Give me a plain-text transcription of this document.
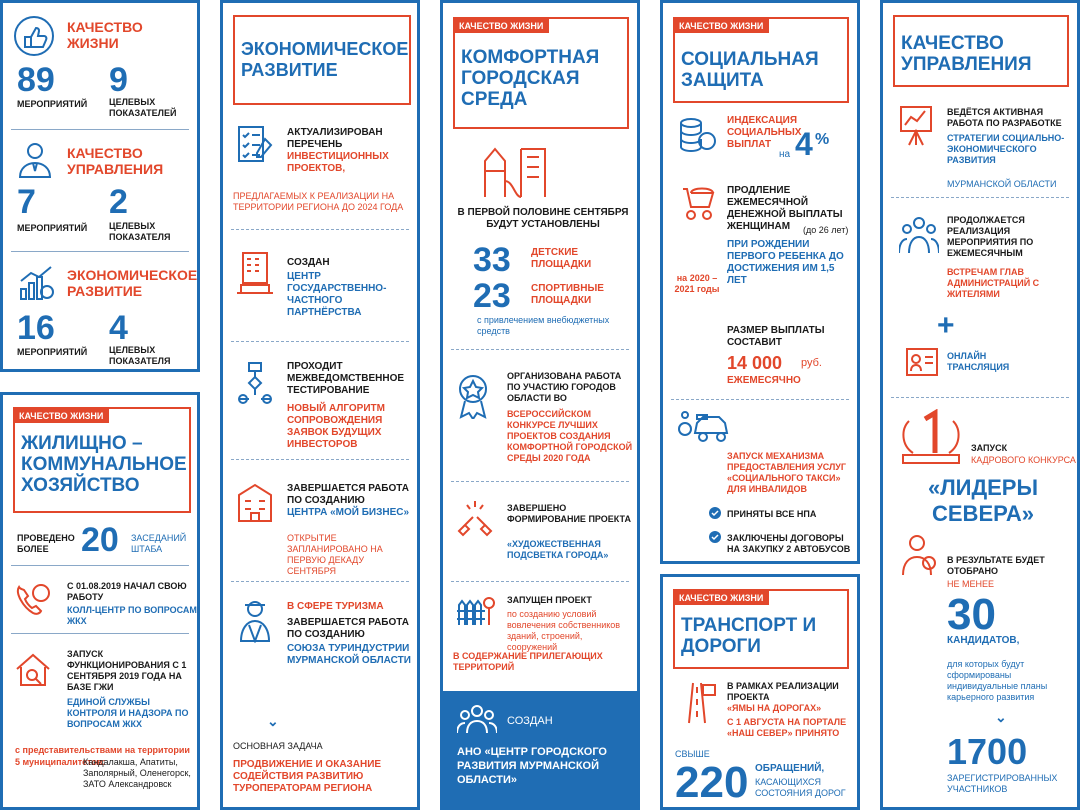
КАЧЕСТВО ЖИЗНИ
89
МЕРОПРИЯТИЙ
9
ЦЕЛЕВЫХ ПОКАЗАТЕЛЕЙ
КАЧЕСТВО УПРАВЛЕНИЯ
7
МЕРОПРИЯТИЙ
2
ЦЕЛЕВЫХ ПОКАЗАТЕЛЯ
ЭКОНОМИЧЕСКОЕ РАЗВИТИЕ
16
МЕРОПРИЯТИЙ
4
ЦЕЛЕВЫХ ПОКАЗАТЕЛЯ
КАЧЕСТВО ЖИЗНИ
ЖИЛИЩНО – КОММУНАЛЬНОЕ ХОЗЯЙСТВО
ПРОВЕДЕНО БОЛЕЕ 20 ЗАСЕДАНИЙ ШТАБА
С 01.08.2019 НАЧАЛ СВОЮ РАБОТУ
КОЛЛ-ЦЕНТР ПО ВОПРОСАМ ЖКХ
ЗАПУСК ФУНКЦИОНИРОВАНИЯ С 1 СЕНТЯБРЯ 2019 ГОДА НА БАЗЕ ГЖИ
ЕДИНОЙ СЛУЖБЫ КОНТРОЛЯ И НАДЗОРА ПО ВОПРОСАМ ЖКХ
с представительствами на территории
5 муниципалитетов:
Кандалакша, Апатиты, Заполярный, Оленегорск, ЗАТО Александровск
ЭКОНОМИЧЕСКОЕ РАЗВИТИЕ
АКТУАЛИЗИРОВАН ПЕРЕЧЕНЬ
ИНВЕСТИЦИОННЫХ ПРОЕКТОВ,
ПРЕДЛАГАЕМЫХ К РЕАЛИЗАЦИИ НА ТЕРРИТОРИИ РЕГИОНА ДО 2024 ГОДА
СОЗДАН
ЦЕНТР ГОСУДАРСТВЕННО-ЧАСТНОГО ПАРТНЁРСТВА
ПРОХОДИТ МЕЖВЕДОМСТВЕННОЕ ТЕСТИРОВАНИЕ
НОВЫЙ АЛГОРИТМ СОПРОВОЖДЕНИЯ ЗАЯВОК БУДУЩИХ ИНВЕСТОРОВ
ЗАВЕРШАЕТСЯ РАБОТА ПО СОЗДАНИЮ
ЦЕНТРА «МОЙ БИЗНЕС»
ОТКРЫТИЕ ЗАПЛАНИРОВАНО НА ПЕРВУЮ ДЕКАДУ СЕНТЯБРЯ
В СФЕРЕ ТУРИЗМА
ЗАВЕРШАЕТСЯ РАБОТА ПО СОЗДАНИЮ
СОЮЗА ТУРИНДУСТРИИ МУРМАНСКОЙ ОБЛАСТИ
⌄
ОСНОВНАЯ ЗАДАЧА
ПРОДВИЖЕНИЕ И ОКАЗАНИЕ СОДЕЙСТВИЯ РАЗВИТИЮ ТУРОПЕРАТОРАМ РЕГИОНА
КАЧЕСТВО ЖИЗНИ
КОМФОРТНАЯ ГОРОДСКАЯ СРЕДА
В ПЕРВОЙ ПОЛОВИНЕ СЕНТЯБРЯ БУДУТ УСТАНОВЛЕНЫ
33 ДЕТСКИЕ ПЛОЩАДКИ
23 СПОРТИВНЫЕ ПЛОЩАДКИ
с привлечением внебюджетных средств
ОРГАНИЗОВАНА РАБОТА ПО УЧАСТИЮ ГОРОДОВ ОБЛАСТИ ВО
ВСЕРОССИЙСКОМ КОНКУРСЕ ЛУЧШИХ ПРОЕКТОВ СОЗДАНИЯ КОМФОРТНОЙ ГОРОДСКОЙ СРЕДЫ 2020 ГОДА
ЗАВЕРШЕНО ФОРМИРОВАНИЕ ПРОЕКТА
«ХУДОЖЕСТВЕННАЯ ПОДСВЕТКА ГОРОДА»
ЗАПУЩЕН ПРОЕКТ
по созданию условий вовлечения собственников зданий, строений, сооружений
В СОДЕРЖАНИЕ ПРИЛЕГАЮЩИХ ТЕРРИТОРИЙ
СОЗДАН
АНО «ЦЕНТР ГОРОДСКОГО РАЗВИТИЯ МУРМАНСКОЙ ОБЛАСТИ»
КАЧЕСТВО ЖИЗНИ
СОЦИАЛЬНАЯ ЗАЩИТА
ИНДЕКСАЦИЯ СОЦИАЛЬНЫХ ВЫПЛАТ
на 4 %
ПРОДЛЕНИЕ ЕЖЕМЕСЯЧНОЙ ДЕНЕЖНОЙ ВЫПЛАТЫ ЖЕНЩИНАМ	(до 26 лет)
ПРИ РОЖДЕНИИ ПЕРВОГО РЕБЕНКА ДО ДОСТИЖЕНИЯ ИМ 1,5 ЛЕТ
на 2020 – 2021 годы
РАЗМЕР ВЫПЛАТЫ СОСТАВИТ
14 000 руб.
ЕЖЕМЕСЯЧНО
ЗАПУСК МЕХАНИЗМА ПРЕДОСТАВЛЕНИЯ УСЛУГ «СОЦИАЛЬНОГО ТАКСИ» ДЛЯ ИНВАЛИДОВ
ПРИНЯТЫ ВСЕ НПА
ЗАКЛЮЧЕНЫ ДОГОВОРЫ НА ЗАКУПКУ 2 АВТОБУСОВ
КАЧЕСТВО ЖИЗНИ
ТРАНСПОРТ И ДОРОГИ
В РАМКАХ РЕАЛИЗАЦИИ ПРОЕКТА
«ЯМЫ НА ДОРОГАХ»
С 1 АВГУСТА НА ПОРТАЛЕ «НАШ СЕВЕР» ПРИНЯТО
СВЫШЕ
220 ОБРАЩЕНИЙ,
КАСАЮЩИХСЯ СОСТОЯНИЯ ДОРОГ
КАЧЕСТВО УПРАВЛЕНИЯ
ВЕДЁТСЯ АКТИВНАЯ РАБОТА ПО РАЗРАБОТКЕ
СТРАТЕГИИ СОЦИАЛЬНО-ЭКОНОМИЧЕСКОГО РАЗВИТИЯ
МУРМАНСКОЙ ОБЛАСТИ
ПРОДОЛЖАЕТСЯ РЕАЛИЗАЦИЯ МЕРОПРИЯТИЯ ПО ЕЖЕМЕСЯЧНЫМ
ВСТРЕЧАМ ГЛАВ АДМИНИСТРАЦИЙ С ЖИТЕЛЯМИ
+
ОНЛАЙН ТРАНСЛЯЦИЯ
ЗАПУСК
КАДРОВОГО КОНКУРСА
«ЛИДЕРЫ СЕВЕРА»
В РЕЗУЛЬТАТЕ БУДЕТ ОТОБРАНО
НЕ МЕНЕЕ
30
КАНДИДАТОВ,
для которых будут сформированы индивидуальные планы карьерного развития
⌄
1700
ЗАРЕГИСТРИРОВАННЫХ УЧАСТНИКОВ
